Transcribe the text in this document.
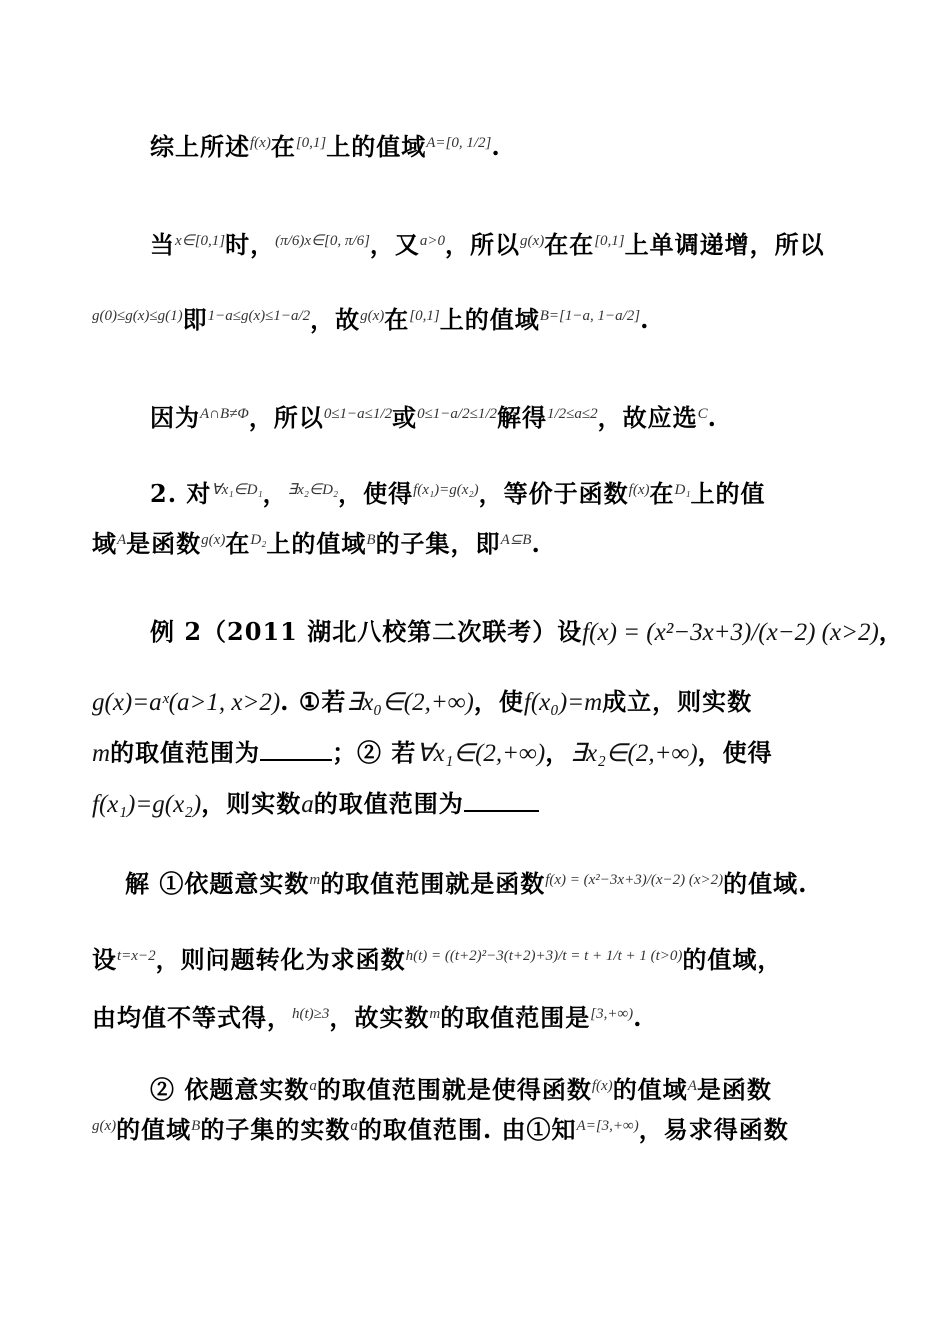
综上所述$^{f(x)}$在[0,1]上的值域$^{A=[0, 1/2]}$.
当$^{x\in[0,1]}$时，$^{(\pi/6)x\in[0, \pi/6]}$，又$^{a>0}$，所以$^{g(x)}$在在[0,1]上单调递增，所以
$^{g(0)\le g(x)\le g(1)}$即$^{1-a\le g(x)\le 1-a/2}$，故$^{g(x)}$在[0,1]上的值域$^{B=[1-a, 1-a/2]}$.
因为$^{A\cap B\ne\Phi}$，所以$^{0\le 1-a\le 1/2}$或$^{0\le 1-a/2\le 1/2}$解得$^{1/2\le a\le 2}$，故应选$^C$.
2. 对$^{\forall x_1\in D_1}$，$^{\exists x_2\in D_2}$，使得$^{f(x_1)=g(x_2)}$，等价于函数$^{f(x)}$在$^{D_1}$上的值
域$^A$是函数$^{g(x)}$在$^{D_2}$上的值域$^B$的子集，即$^{A⊆B}$.
例 2（2011 湖北八校第二次联考）设f(x) = (x²−3x+3)/(x−2) (x>2)，
g(x)=aˣ(a>1, x>2). ①若∃x₀∈(2,+∞)，使f(x₀)=m成立，则实数
m的取值范围为	；② 若∀x₁∈(2,+∞)，∃x₂∈(2,+∞)，使得
f(x₁)=g(x₂)，则实数a的取值范围为
解 ①依题意实数$^m$的取值范围就是函数$^{f(x) = (x^2-3x+3)/(x-2) (x>2)}$的值域.
设$^{t=x-2}$，则问题转化为求函数$^{h(t) = ((t+2)^2-3(t+2)+3)/t = t + 1/t + 1 (t>0)}$的值域，
由均值不等式得，$^{h(t)\ge 3}$，故实数$^m$的取值范围是$^{[3,+\infty)}$.
② 依题意实数$^a$的取值范围就是使得函数$^{f(x)}$的值域$^A$是函数
$^{g(x)}$的值域$^B$的子集的实数$^a$的取值范围. 由①知$^{A=[3,+\infty)}$，易求得函数
